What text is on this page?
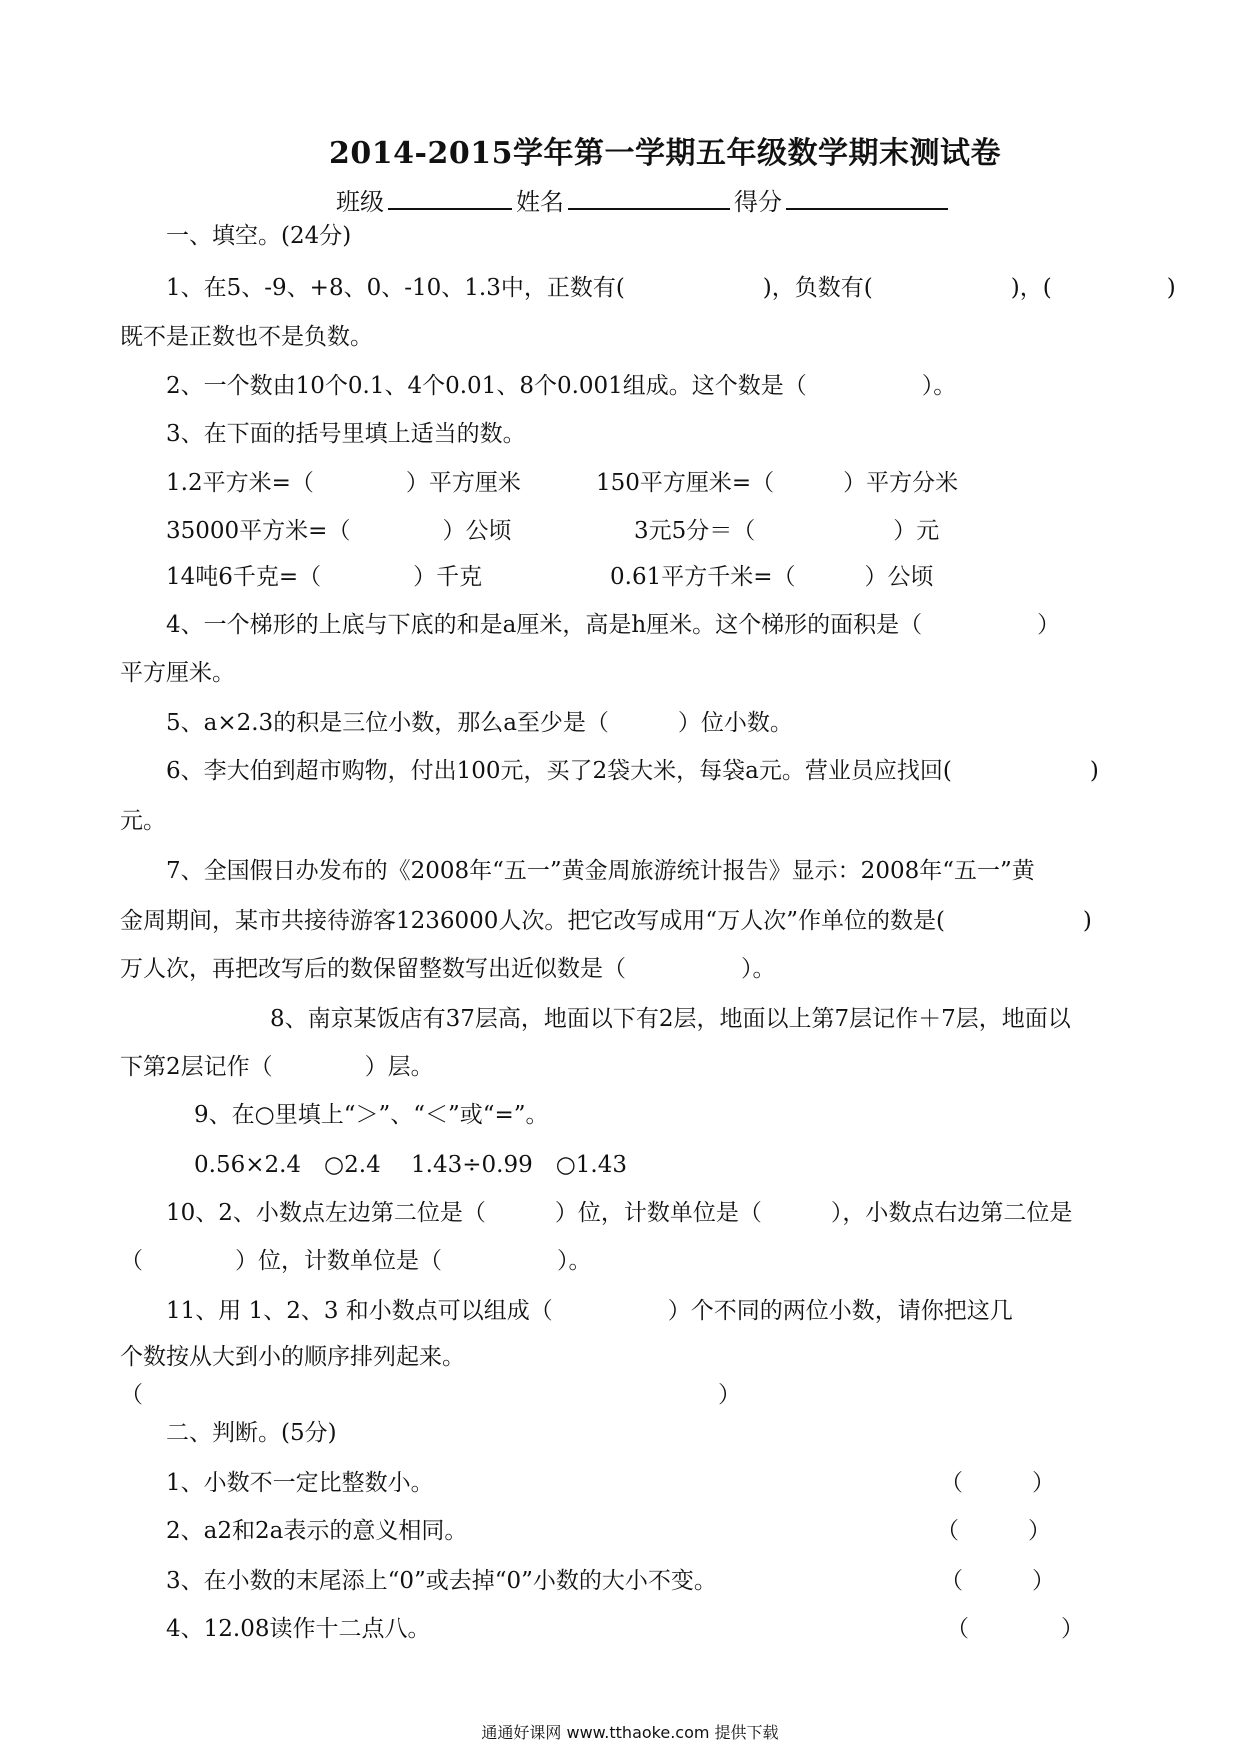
2014-2015学年第一学期五年级数学期末测试卷
班级	姓名	得分
一、填空。(24分)
1、在5、-9、+8、0、-10、1.3中，正数有(　　　　　　)，负数有(　　　　　　)，(　　　　　)
既不是正数也不是负数。
2、一个数由10个0.1、4个0.01、8个0.001组成。这个数是（　　　　　）。
3、在下面的括号里填上适当的数。
1.2平方米=（　　　　）平方厘米	150平方厘米=（　　　）平方分米
35000平方米=（　　　　）公顷	3元5分＝（　　　　　　）元
14吨6千克=（　　　　）千克	0.61平方千米=（　　　）公顷
4、一个梯形的上底与下底的和是a厘米，高是h厘米。这个梯形的面积是（　　　　　）
平方厘米。
5、a×2.3的积是三位小数，那么a至少是（　　　）位小数。
6、李大伯到超市购物，付出100元，买了2袋大米，每袋a元。营业员应找回(　　　　　　)
元。
7、全国假日办发布的《2008年“五一”黄金周旅游统计报告》显示：2008年“五一”黄
金周期间，某市共接待游客1236000人次。把它改写成用“万人次”作单位的数是(　　　　　　)
万人次，再把改写后的数保留整数写出近似数是（　　　　　）。
8、南京某饭店有37层高，地面以下有2层，地面以上第7层记作＋7层，地面以
下第2层记作（　　　　）层。
9、在○里填上“＞”、“＜”或“=”。
0.56×2.4　○2.4　 1.43÷0.99　○1.43
10、2、小数点左边第二位是（　　　）位，计数单位是（　　　），小数点右边第二位是
（　　　　）位，计数单位是（　　　　　）。
11、用 1、2、3 和小数点可以组成（　　　　　）个不同的两位小数，请你把这几
个数按从大到小的顺序排列起来。
（　　　　　　　　　　　　　　　　　　　　　　　　　）
二、判断。(5分)
1、小数不一定比整数小。	（　　　）
2、a2和2a表示的意义相同。	（　　　）
3、在小数的末尾添上“0”或去掉“0”小数的大小不变。	（　　　）
4、12.08读作十二点八。	（　　　　）
通通好课网 www.tthaoke.com 提供下载
